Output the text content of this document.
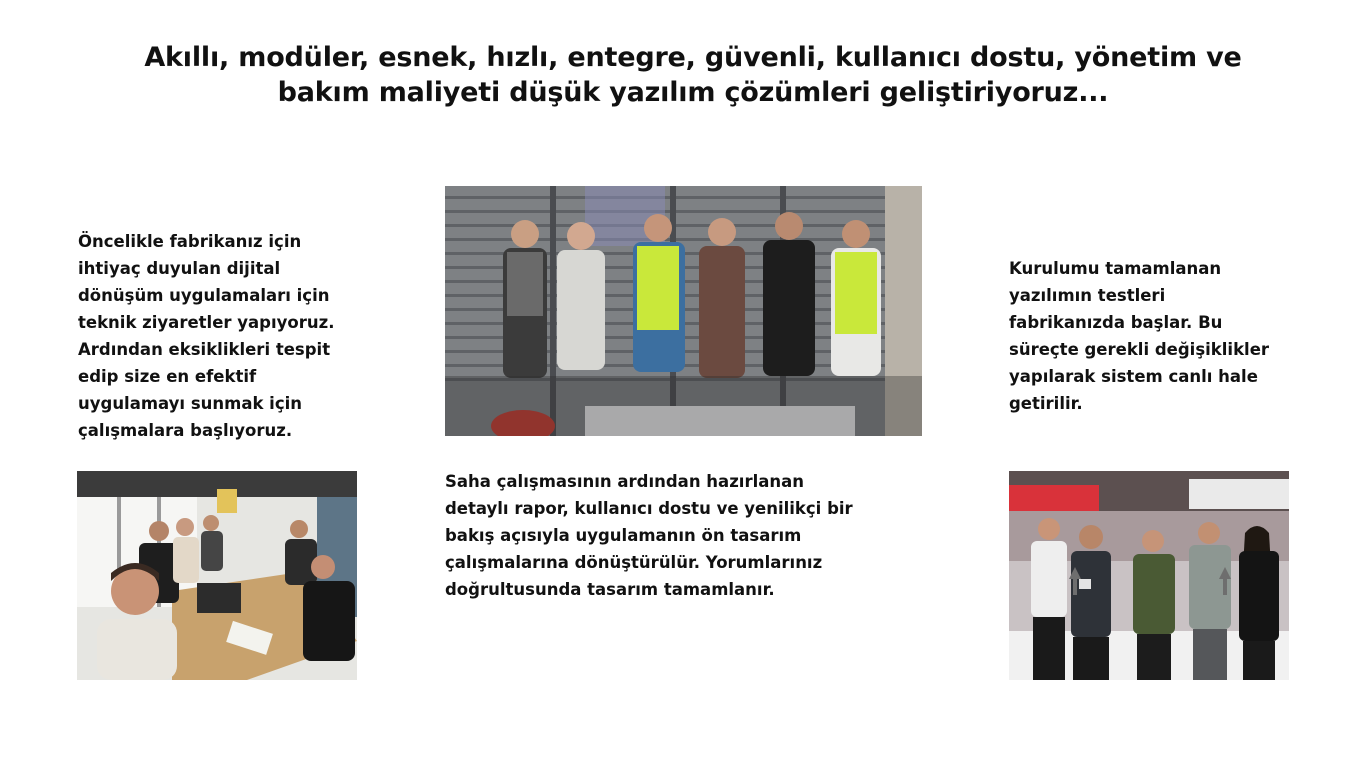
Akıllı, modüler, esnek, hızlı, entegre, güvenli, kullanıcı dostu, yönetim ve
bakım maliyeti düşük yazılım çözümleri geliştiriyoruz...

Öncelikle fabrikanız için
ihtiyaç duyulan dijital
dönüşüm uygulamaları için
teknik ziyaretler yapıyoruz.
Ardından eksiklikleri tespit
edip size en efektif
uygulamayı sunmak için
çalışmalara başlıyoruz.

Saha çalışmasının ardından hazırlanan
detaylı rapor, kullanıcı dostu ve yenilikçi bir
bakış açısıyla uygulamanın ön tasarım
çalışmalarına dönüştürülür. Yorumlarınız
doğrultusunda tasarım tamamlanır.

Kurulumu tamamlanan
yazılımın testleri
fabrikanızda başlar. Bu
süreçte gerekli değişiklikler
yapılarak sistem canlı hale
getirilir.
